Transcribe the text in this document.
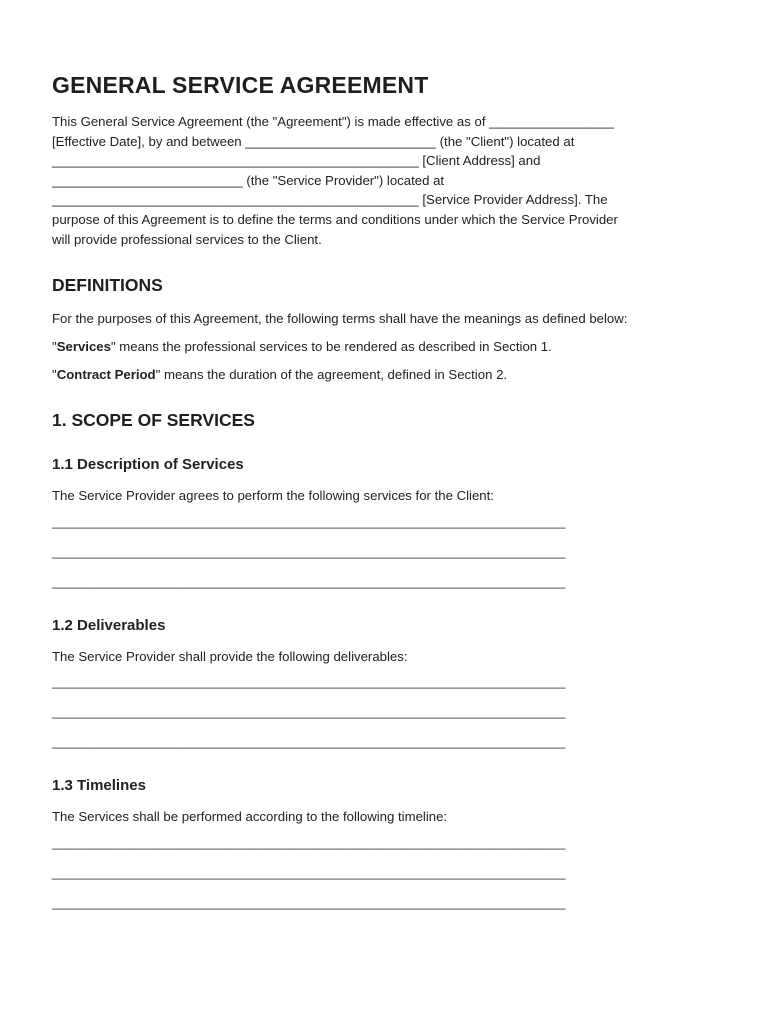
GENERAL SERVICE AGREEMENT
This General Service Agreement (the "Agreement") is made effective as of _________________
[Effective Date], by and between __________________________ (the "Client") located at
__________________________________________________ [Client Address] and
__________________________ (the "Service Provider") located at
__________________________________________________ [Service Provider Address]. The
purpose of this Agreement is to define the terms and conditions under which the Service Provider
will provide professional services to the Client.
DEFINITIONS

For the purposes of this Agreement, the following terms shall have the meanings as defined below:

"Services" means the professional services to be rendered as described in Section 1.

"Contract Period" means the duration of the agreement, defined in Section 2.

1. SCOPE OF SERVICES
1.1 Description of Services

The Service Provider agrees to perform the following services for the Client:

______________________________________________________________________
______________________________________________________________________
______________________________________________________________________
1.2 Deliverables

The Service Provider shall provide the following deliverables:

______________________________________________________________________
______________________________________________________________________
______________________________________________________________________
1.3 Timelines

The Services shall be performed according to the following timeline:

______________________________________________________________________
______________________________________________________________________
______________________________________________________________________
